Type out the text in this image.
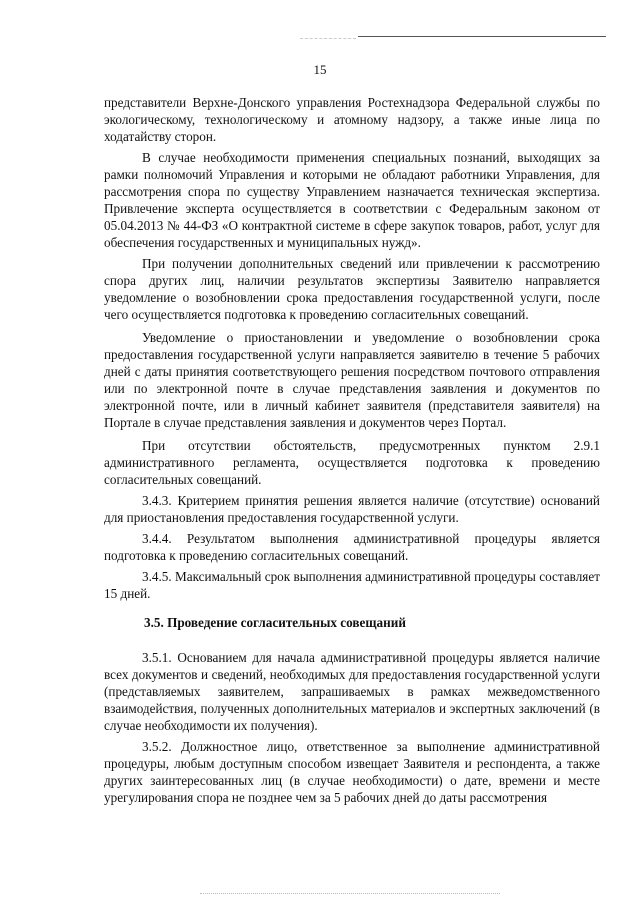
15

представители Верхне-Донского управления Ростехнадзора Федеральной службы по экологическому, технологическому и атомному надзору, а также иные лица по ходатайству сторон.

В случае необходимости применения специальных познаний, выходящих за рамки полномочий Управления и которыми не обладают работники Управления, для рассмотрения спора по существу Управлением назначается техническая экспертиза. Привлечение эксперта осуществляется в соответствии с Федеральным законом от 05.04.2013 № 44-ФЗ «О контрактной системе в сфере закупок товаров, работ, услуг для обеспечения государственных и муниципальных нужд».

При получении дополнительных сведений или привлечении к рассмотрению спора других лиц, наличии результатов экспертизы Заявителю направляется уведомление о возобновлении срока предоставления государственной услуги, после чего осуществляется подготовка к проведению согласительных совещаний.

Уведомление о приостановлении и уведомление о возобновлении срока предоставления государственной услуги направляется заявителю в течение 5 рабочих дней с даты принятия соответствующего решения посредством почтового отправления или по электронной почте в случае представления заявления и документов по электронной почте, или в личный кабинет заявителя (представителя заявителя) на Портале в случае представления заявления и документов через Портал.

При отсутствии обстоятельств, предусмотренных пунктом 2.9.1 административного регламента, осуществляется подготовка к проведению согласительных совещаний.

3.4.3. Критерием принятия решения является наличие (отсутствие) оснований для приостановления предоставления государственной услуги.

3.4.4. Результатом выполнения административной процедуры является подготовка к проведению согласительных совещаний.

3.4.5. Максимальный срок выполнения административной процедуры составляет 15 дней.

3.5. Проведение согласительных совещаний

3.5.1. Основанием для начала административной процедуры является наличие всех документов и сведений, необходимых для предоставления государственной услуги (представляемых заявителем, запрашиваемых в рамках межведомственного взаимодействия, полученных дополнительных материалов и экспертных заключений (в случае необходимости их получения).

3.5.2. Должностное лицо, ответственное за выполнение административной процедуры, любым доступным способом извещает Заявителя и респондента, а также других заинтересованных лиц (в случае необходимости) о дате, времени и месте урегулирования спора не позднее чем за 5 рабочих дней до даты рассмотрения
